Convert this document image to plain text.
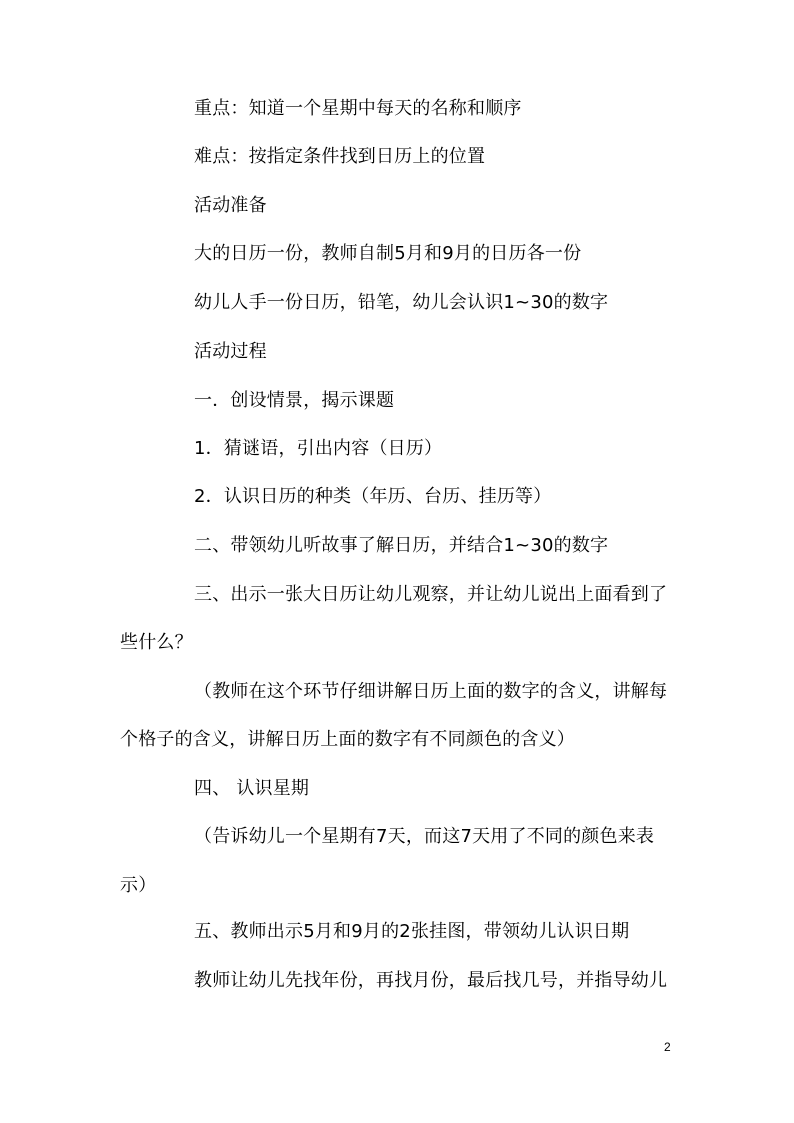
重点：知道一个星期中每天的名称和顺序
难点：按指定条件找到日历上的位置
活动准备
大的日历一份，教师自制5月和9月的日历各一份
幼儿人手一份日历，铅笔，幼儿会认识1~30的数字
活动过程
一．创设情景，揭示课题
1．猜谜语，引出内容（日历）
2．认识日历的种类（年历、台历、挂历等）
二、带领幼儿听故事了解日历，并结合1~30的数字
三、出示一张大日历让幼儿观察，并让幼儿说出上面看到了
些什么？
（教师在这个环节仔细讲解日历上面的数字的含义，讲解每
个格子的含义，讲解日历上面的数字有不同颜色的含义）
四、 认识星期
（告诉幼儿一个星期有7天，而这7天用了不同的颜色来表
示）
五、教师出示5月和9月的2张挂图，带领幼儿认识日期
教师让幼儿先找年份，再找月份，最后找几号，并指导幼儿
2
